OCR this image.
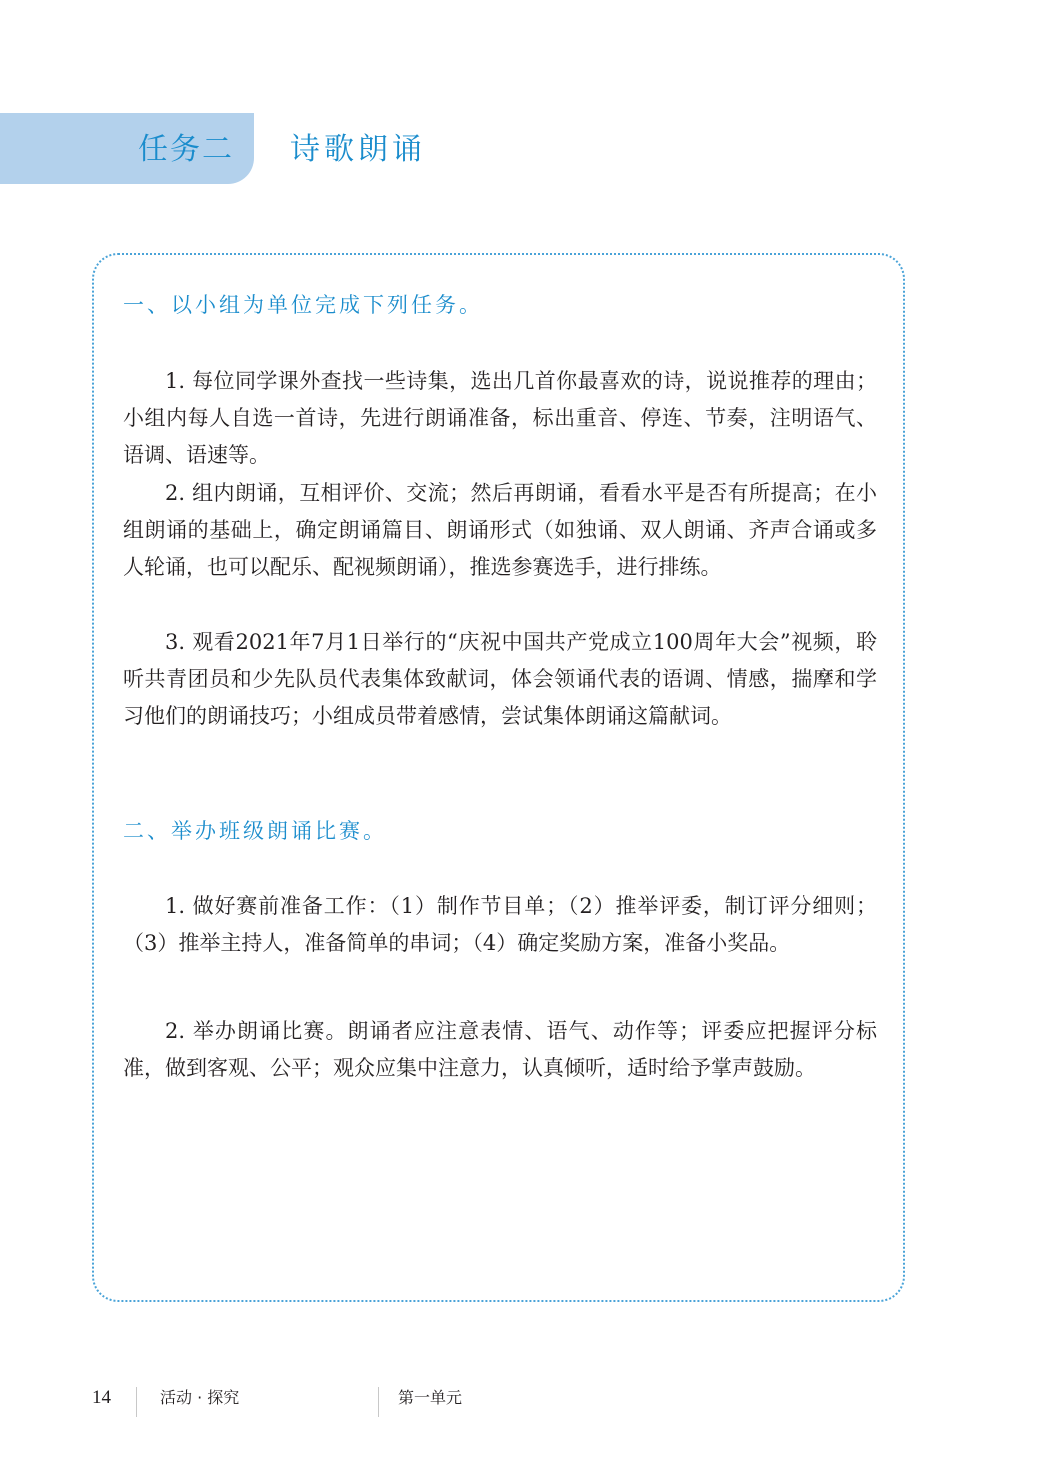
任务二 诗歌朗诵
一、以小组为单位完成下列任务。

1. 每位同学课外查找一些诗集，选出几首你最喜欢的诗，说说推荐的理由；小组内每人自选一首诗，先进行朗诵准备，标出重音、停连、节奏，注明语气、语调、语速等。

2. 组内朗诵，互相评价、交流；然后再朗诵，看看水平是否有所提高；在小组朗诵的基础上，确定朗诵篇目、朗诵形式（如独诵、双人朗诵、齐声合诵或多人轮诵，也可以配乐、配视频朗诵），推选参赛选手，进行排练。

3. 观看2021年7月1日举行的“庆祝中国共产党成立100周年大会”视频，聆听共青团员和少先队员代表集体致献词，体会领诵代表的语调、情感，揣摩和学习他们的朗诵技巧；小组成员带着感情，尝试集体朗诵这篇献词。

二、举办班级朗诵比赛。

1. 做好赛前准备工作：（1）制作节目单；（2）推举评委，制订评分细则；（3）推举主持人，准备简单的串词；（4）确定奖励方案，准备小奖品。

2. 举办朗诵比赛。朗诵者应注意表情、语气、动作等；评委应把握评分标准，做到客观、公平；观众应集中注意力，认真倾听，适时给予掌声鼓励。

14	活动 · 探究	第一单元
